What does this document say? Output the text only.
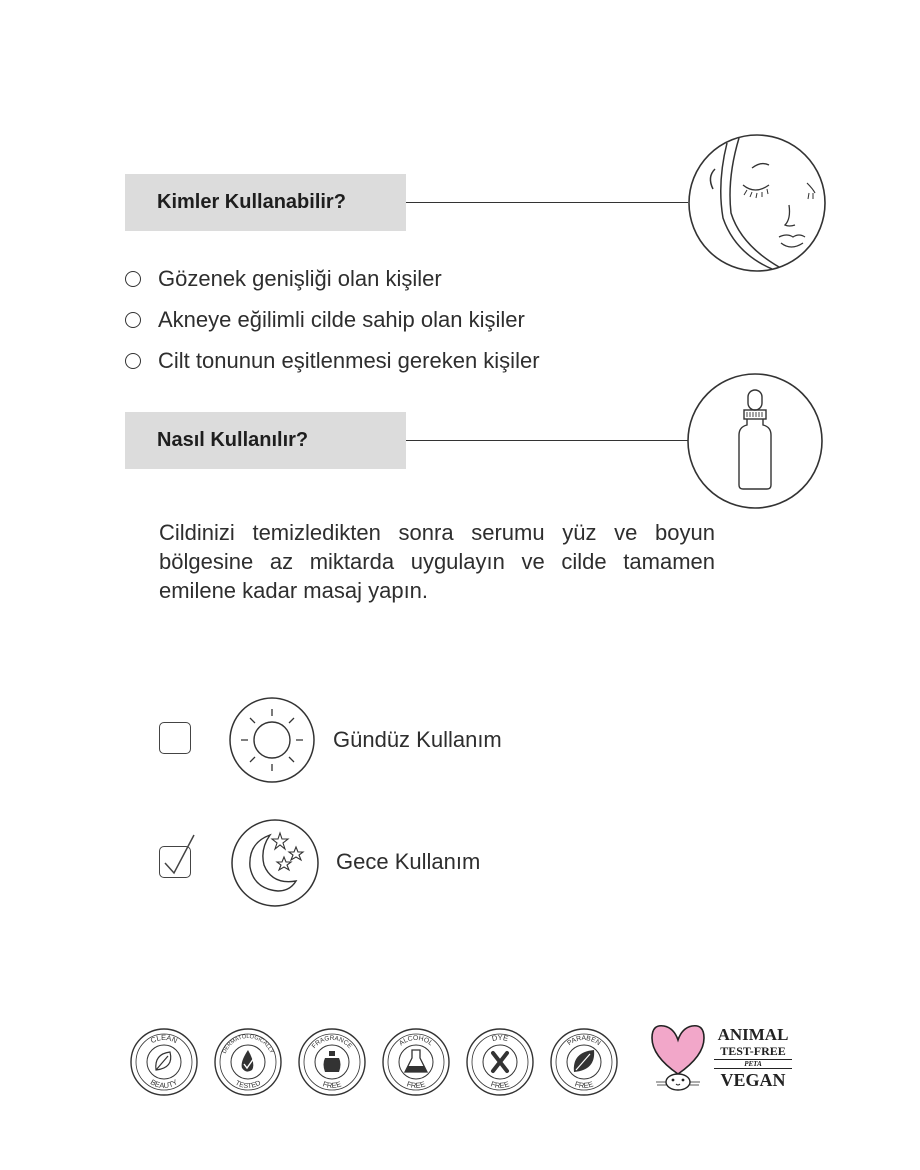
Kimler Kullanabilir?
Gözenek genişliği olan kişiler
Akneye eğilimli cilde sahip olan kişiler
Cilt tonunun eşitlenmesi gereken kişiler
Nasıl Kullanılır?
Cildinizi temizledikten sonra serumu yüz ve boyun bölgesine az miktarda uygulayın ve cilde tamamen emilene kadar masaj yapın.
Gündüz Kullanım
Gece Kullanım
CLEAN
BEAUTY
DERMATOLOGICALLY
TESTED
FRAGRANCE
FREE
ALCOHOL
FREE
DYE
FREE
PARABEN
FREE
ANIMAL
TEST-FREE
PETA
VEGAN
